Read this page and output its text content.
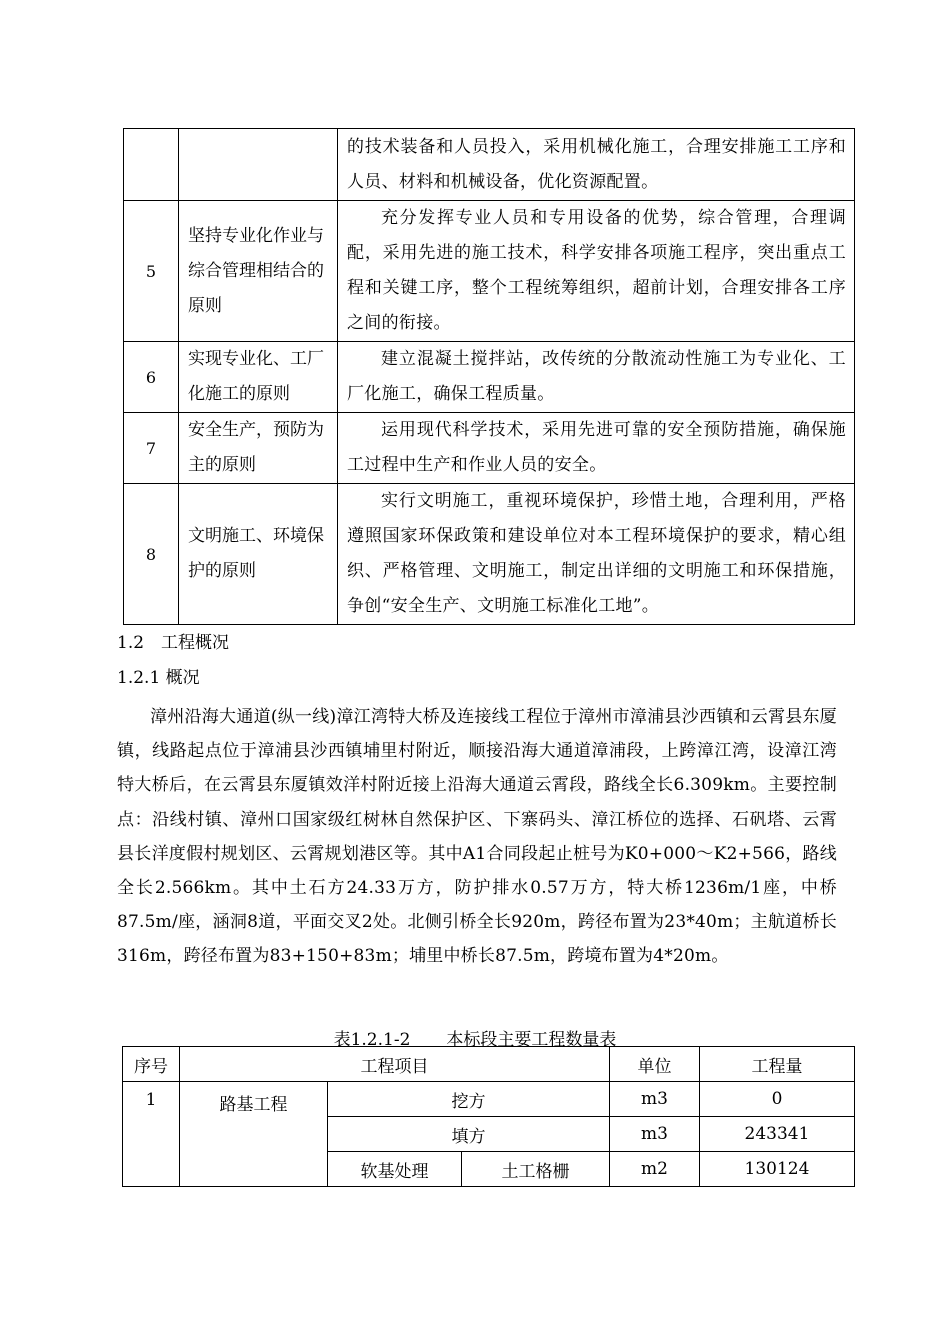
		的技术装备和人员投入，采用机械化施工，合理安排施工工序和人员、材料和机械设备，优化资源配置。

5	坚持专业化作业与综合管理相结合的原则	充分发挥专业人员和专用设备的优势，综合管理，合理调配，采用先进的施工技术，科学安排各项施工程序，突出重点工程和关键工序，整个工程统筹组织，超前计划，合理安排各工序之间的衔接。

6	实现专业化、工厂化施工的原则	建立混凝土搅拌站，改传统的分散流动性施工为专业化、工厂化施工，确保工程质量。

7	安全生产，预防为主的原则	运用现代科学技术，采用先进可靠的安全预防措施，确保施工过程中生产和作业人员的安全。

8	文明施工、环境保护的原则	实行文明施工，重视环境保护，珍惜土地，合理利用，严格遵照国家环保政策和建设单位对本工程环境保护的要求，精心组织、严格管理、文明施工，制定出详细的文明施工和环保措施，争创“安全生产、文明施工标准化工地”。
1.2　工程概况
1.2.1 概况
漳州沿海大通道(纵一线)漳江湾特大桥及连接线工程位于漳州市漳浦县沙西镇和云霄县东厦镇，线路起点位于漳浦县沙西镇埔里村附近，顺接沿海大通道漳浦段，上跨漳江湾，设漳江湾特大桥后，在云霄县东厦镇效洋村附近接上沿海大通道云霄段，路线全长6.309km。主要控制点：沿线村镇、漳州口国家级红树林自然保护区、下寨码头、漳江桥位的选择、石矾塔、云霄县长洋度假村规划区、云霄规划港区等。其中A1合同段起止桩号为K0+000～K2+566，路线全长2.566km。其中土石方24.33万方，防护排水0.57万方，特大桥1236m/1座，中桥87.5m/座，涵洞8道，平面交叉2处。北侧引桥全长920m，跨径布置为23*40m；主航道桥长316m，跨径布置为83+150+83m；埔里中桥长87.5m，跨境布置为4*20m。
表1.2.1-2 本标段主要工程数量表
序号	工程项目			单位	工程量
1	路基工程	挖方		m3	0
		填方		m3	243341
		软基处理	土工格栅	m2	130124
